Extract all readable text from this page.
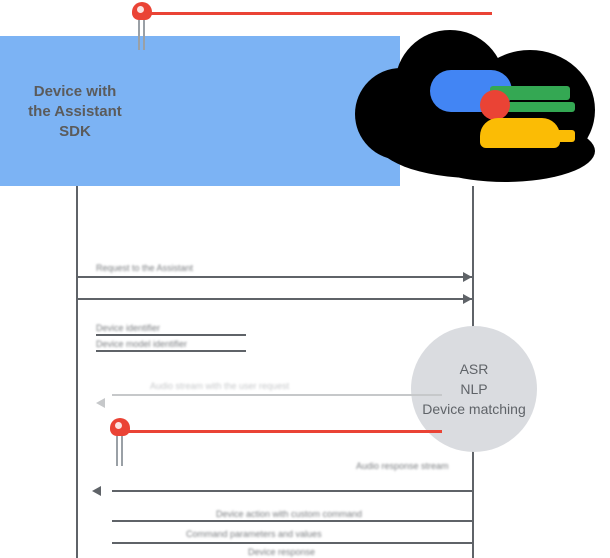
Device with
the Assistant
SDK
Request to the Assistant
Device identifier
Device model identifier
ASR
NLP
Device matching
Audio stream with the user request
Audio response stream
Device action with custom command
Command parameters and values
Device response
